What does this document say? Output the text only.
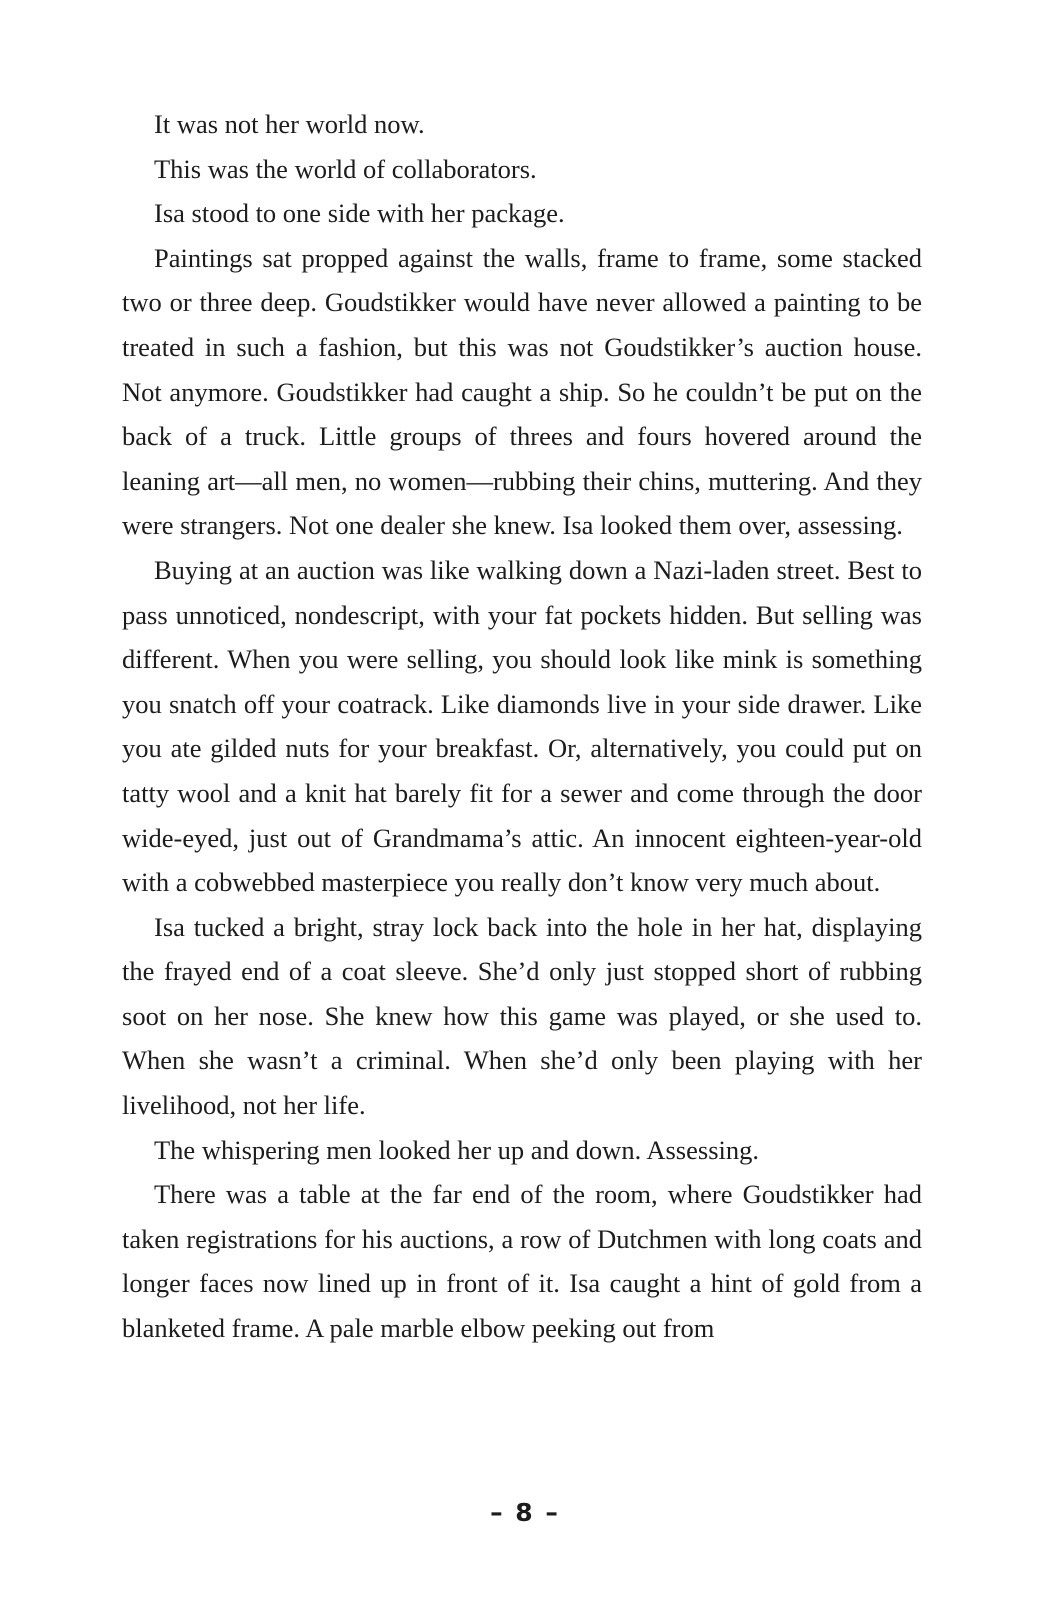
It was not her world now.

This was the world of collaborators.

Isa stood to one side with her package.

Paintings sat propped against the walls, frame to frame, some stacked two or three deep. Goudstikker would have never allowed a painting to be treated in such a fashion, but this was not Goudstikker’s auction house. Not anymore. Goudstikker had caught a ship. So he couldn’t be put on the back of a truck. Little groups of threes and fours hovered around the leaning art—all men, no women—rubbing their chins, muttering. And they were strangers. Not one dealer she knew. Isa looked them over, assessing.

Buying at an auction was like walking down a Nazi-laden street. Best to pass unnoticed, nondescript, with your fat pockets hidden. But selling was different. When you were selling, you should look like mink is something you snatch off your coatrack. Like diamonds live in your side drawer. Like you ate gilded nuts for your breakfast. Or, alternatively, you could put on tatty wool and a knit hat barely fit for a sewer and come through the door wide-eyed, just out of Grandmama’s attic. An innocent eighteen-year-old with a cobwebbed masterpiece you really don’t know very much about.

Isa tucked a bright, stray lock back into the hole in her hat, displaying the frayed end of a coat sleeve. She’d only just stopped short of rubbing soot on her nose. She knew how this game was played, or she used to. When she wasn’t a criminal. When she’d only been playing with her livelihood, not her life.

The whispering men looked her up and down. Assessing.

There was a table at the far end of the room, where Goudstikker had taken registrations for his auctions, a row of Dutchmen with long coats and longer faces now lined up in front of it. Isa caught a hint of gold from a blanketed frame. A pale marble elbow peeking out from

– 8 –
